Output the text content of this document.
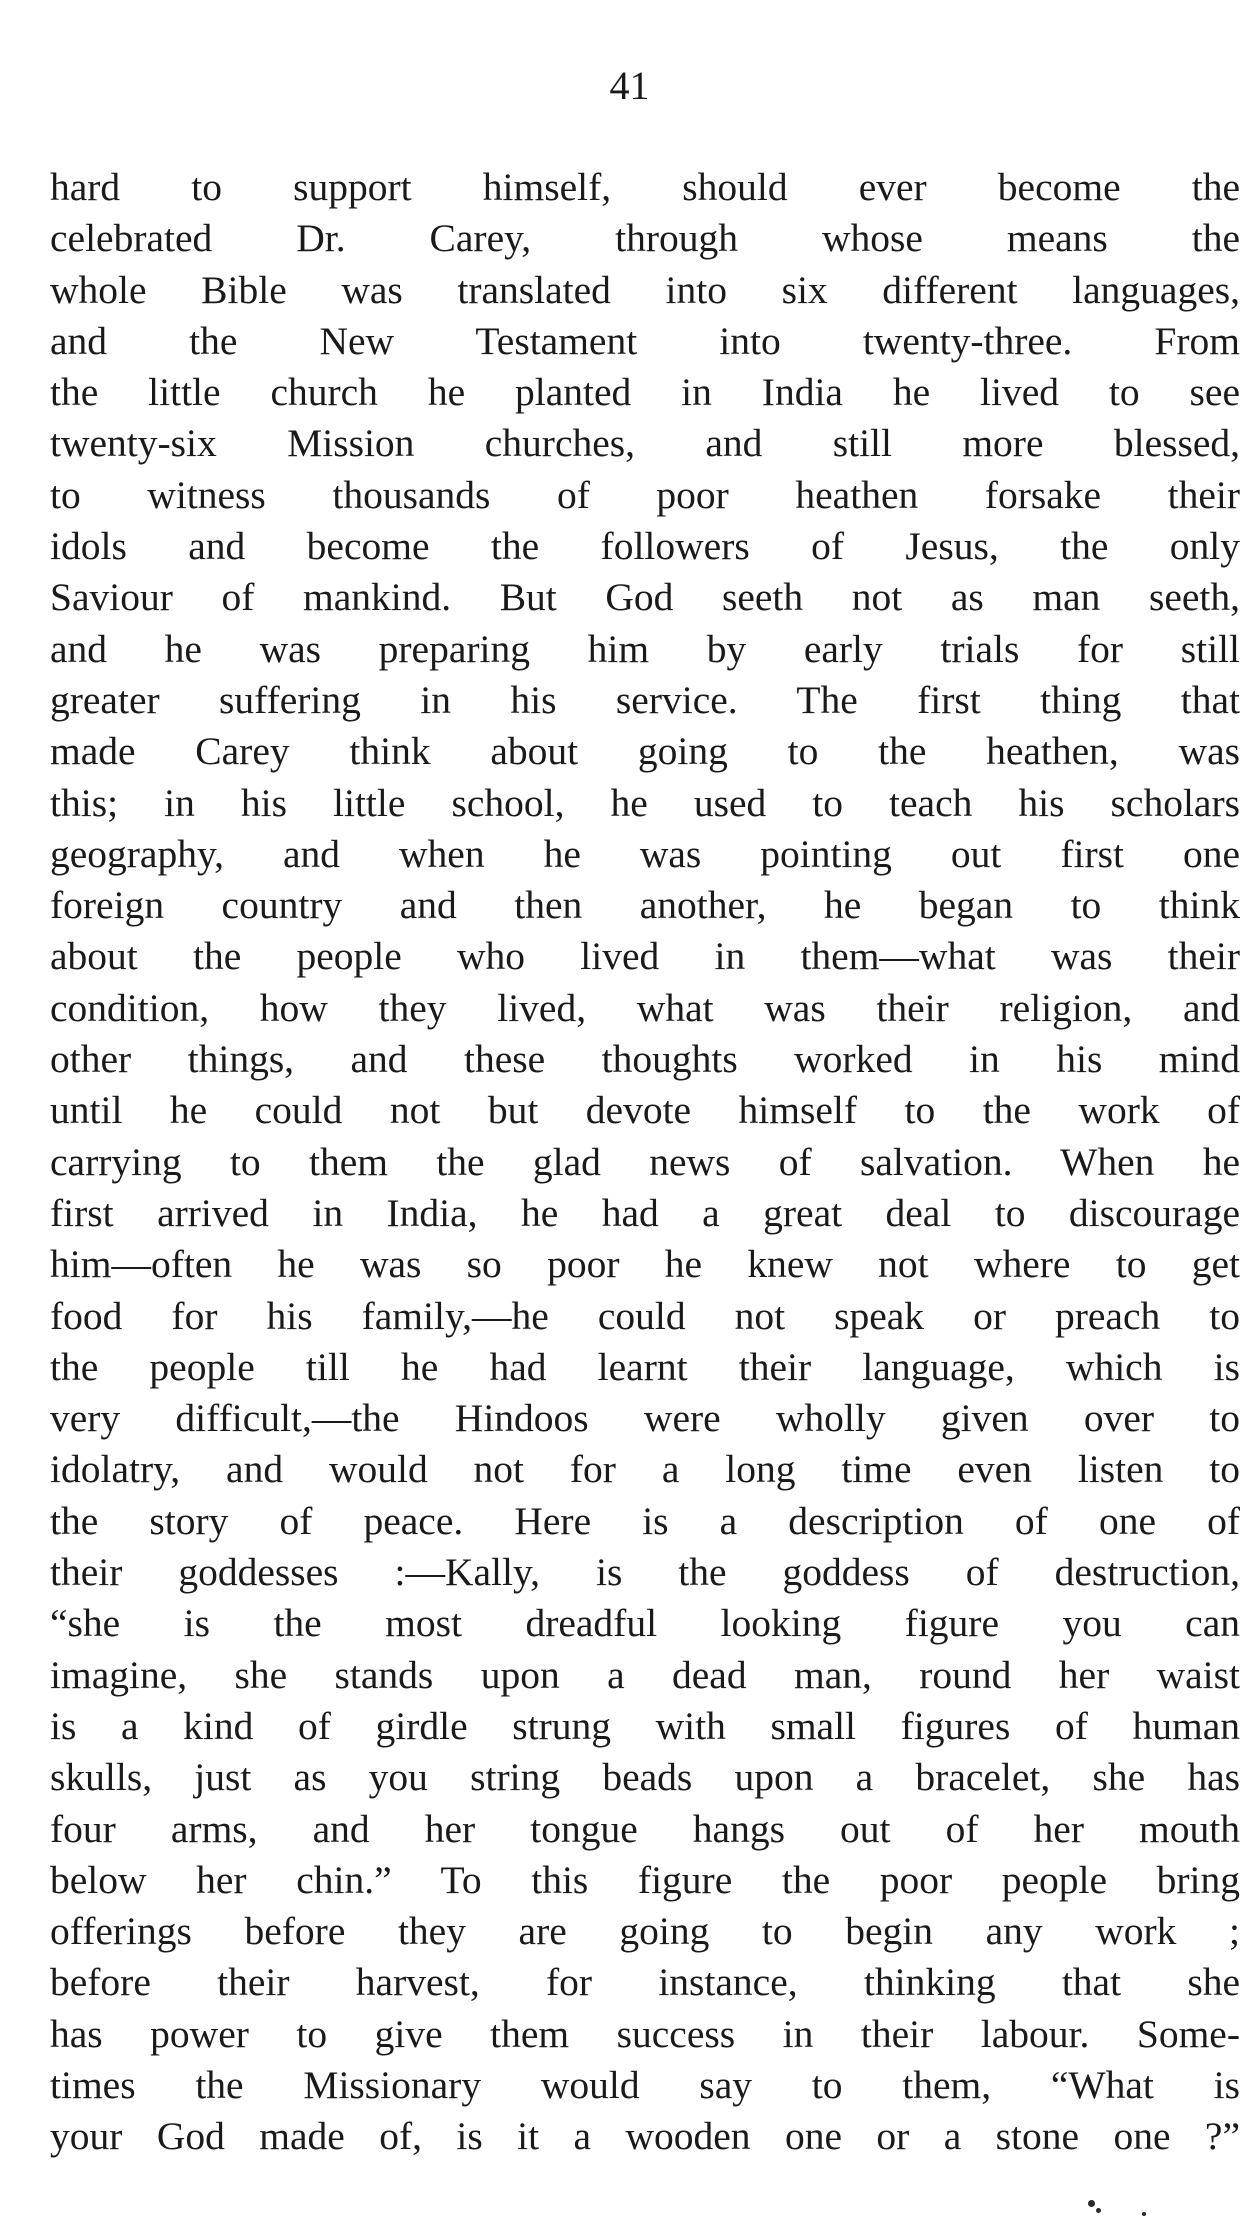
41
hard to support himself, should ever become the
celebrated Dr. Carey, through whose means the
whole Bible was translated into six different languages,
and the New Testament into twenty-three. From
the little church he planted in India he lived to see
twenty-six Mission churches, and still more blessed,
to witness thousands of poor heathen forsake their
idols and become the followers of Jesus, the only
Saviour of mankind. But God seeth not as man seeth,
and he was preparing him by early trials for still
greater suffering in his service. The first thing that
made Carey think about going to the heathen, was
this; in his little school, he used to teach his scholars
geography, and when he was pointing out first one
foreign country and then another, he began to think
about the people who lived in them—what was their
condition, how they lived, what was their religion, and
other things, and these thoughts worked in his mind
until he could not but devote himself to the work of
carrying to them the glad news of salvation. When he
first arrived in India, he had a great deal to discourage
him—often he was so poor he knew not where to get
food for his family,—he could not speak or preach to
the people till he had learnt their language, which is
very difficult,—the Hindoos were wholly given over to
idolatry, and would not for a long time even listen to
the story of peace. Here is a description of one of
their goddesses :—Kally, is the goddess of destruction,
“she is the most dreadful looking figure you can
imagine, she stands upon a dead man, round her waist
is a kind of girdle strung with small figures of human
skulls, just as you string beads upon a bracelet, she has
four arms, and her tongue hangs out of her mouth
below her chin.” To this figure the poor people bring
offerings before they are going to begin any work ;
before their harvest, for instance, thinking that she
has power to give them success in their labour. Some-
times the Missionary would say to them, “What is
your God made of, is it a wooden one or a stone one ?”
